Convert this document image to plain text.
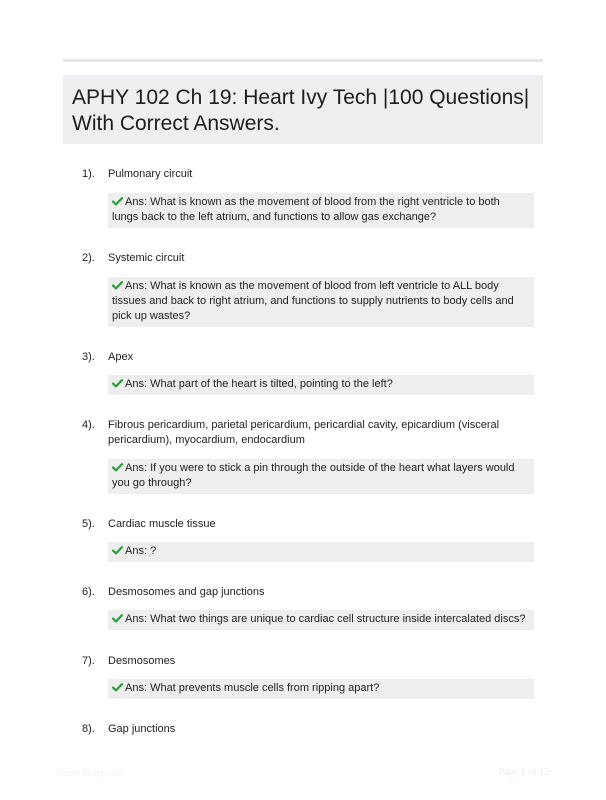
APHY 102 Ch 19: Heart Ivy Tech |100 Questions| With Correct Answers.
1). Pulmonary circuit
Ans: What is known as the movement of blood from the right ventricle to both lungs back to the left atrium, and functions to allow gas exchange?
2). Systemic circuit
Ans: What is known as the movement of blood from left ventricle to ALL body tissues and back to right atrium, and functions to supply nutrients to body cells and pick up wastes?
3). Apex
Ans: What part of the heart is tilted, pointing to the left?
4). Fibrous pericardium, parietal pericardium, pericardial cavity, epicardium (visceral pericardium), myocardium, endocardium
Ans: If you were to stick a pin through the outside of the heart what layers would you go through?
5). Cardiac muscle tissue
Ans: ?
6). Desmosomes and gap junctions
Ans: What two things are unique to cardiac cell structure inside intercalated discs?
7). Desmosomes
Ans: What prevents muscle cells from ripping apart?
8). Gap junctions
PaperStudy.com	Page 1 of 12
